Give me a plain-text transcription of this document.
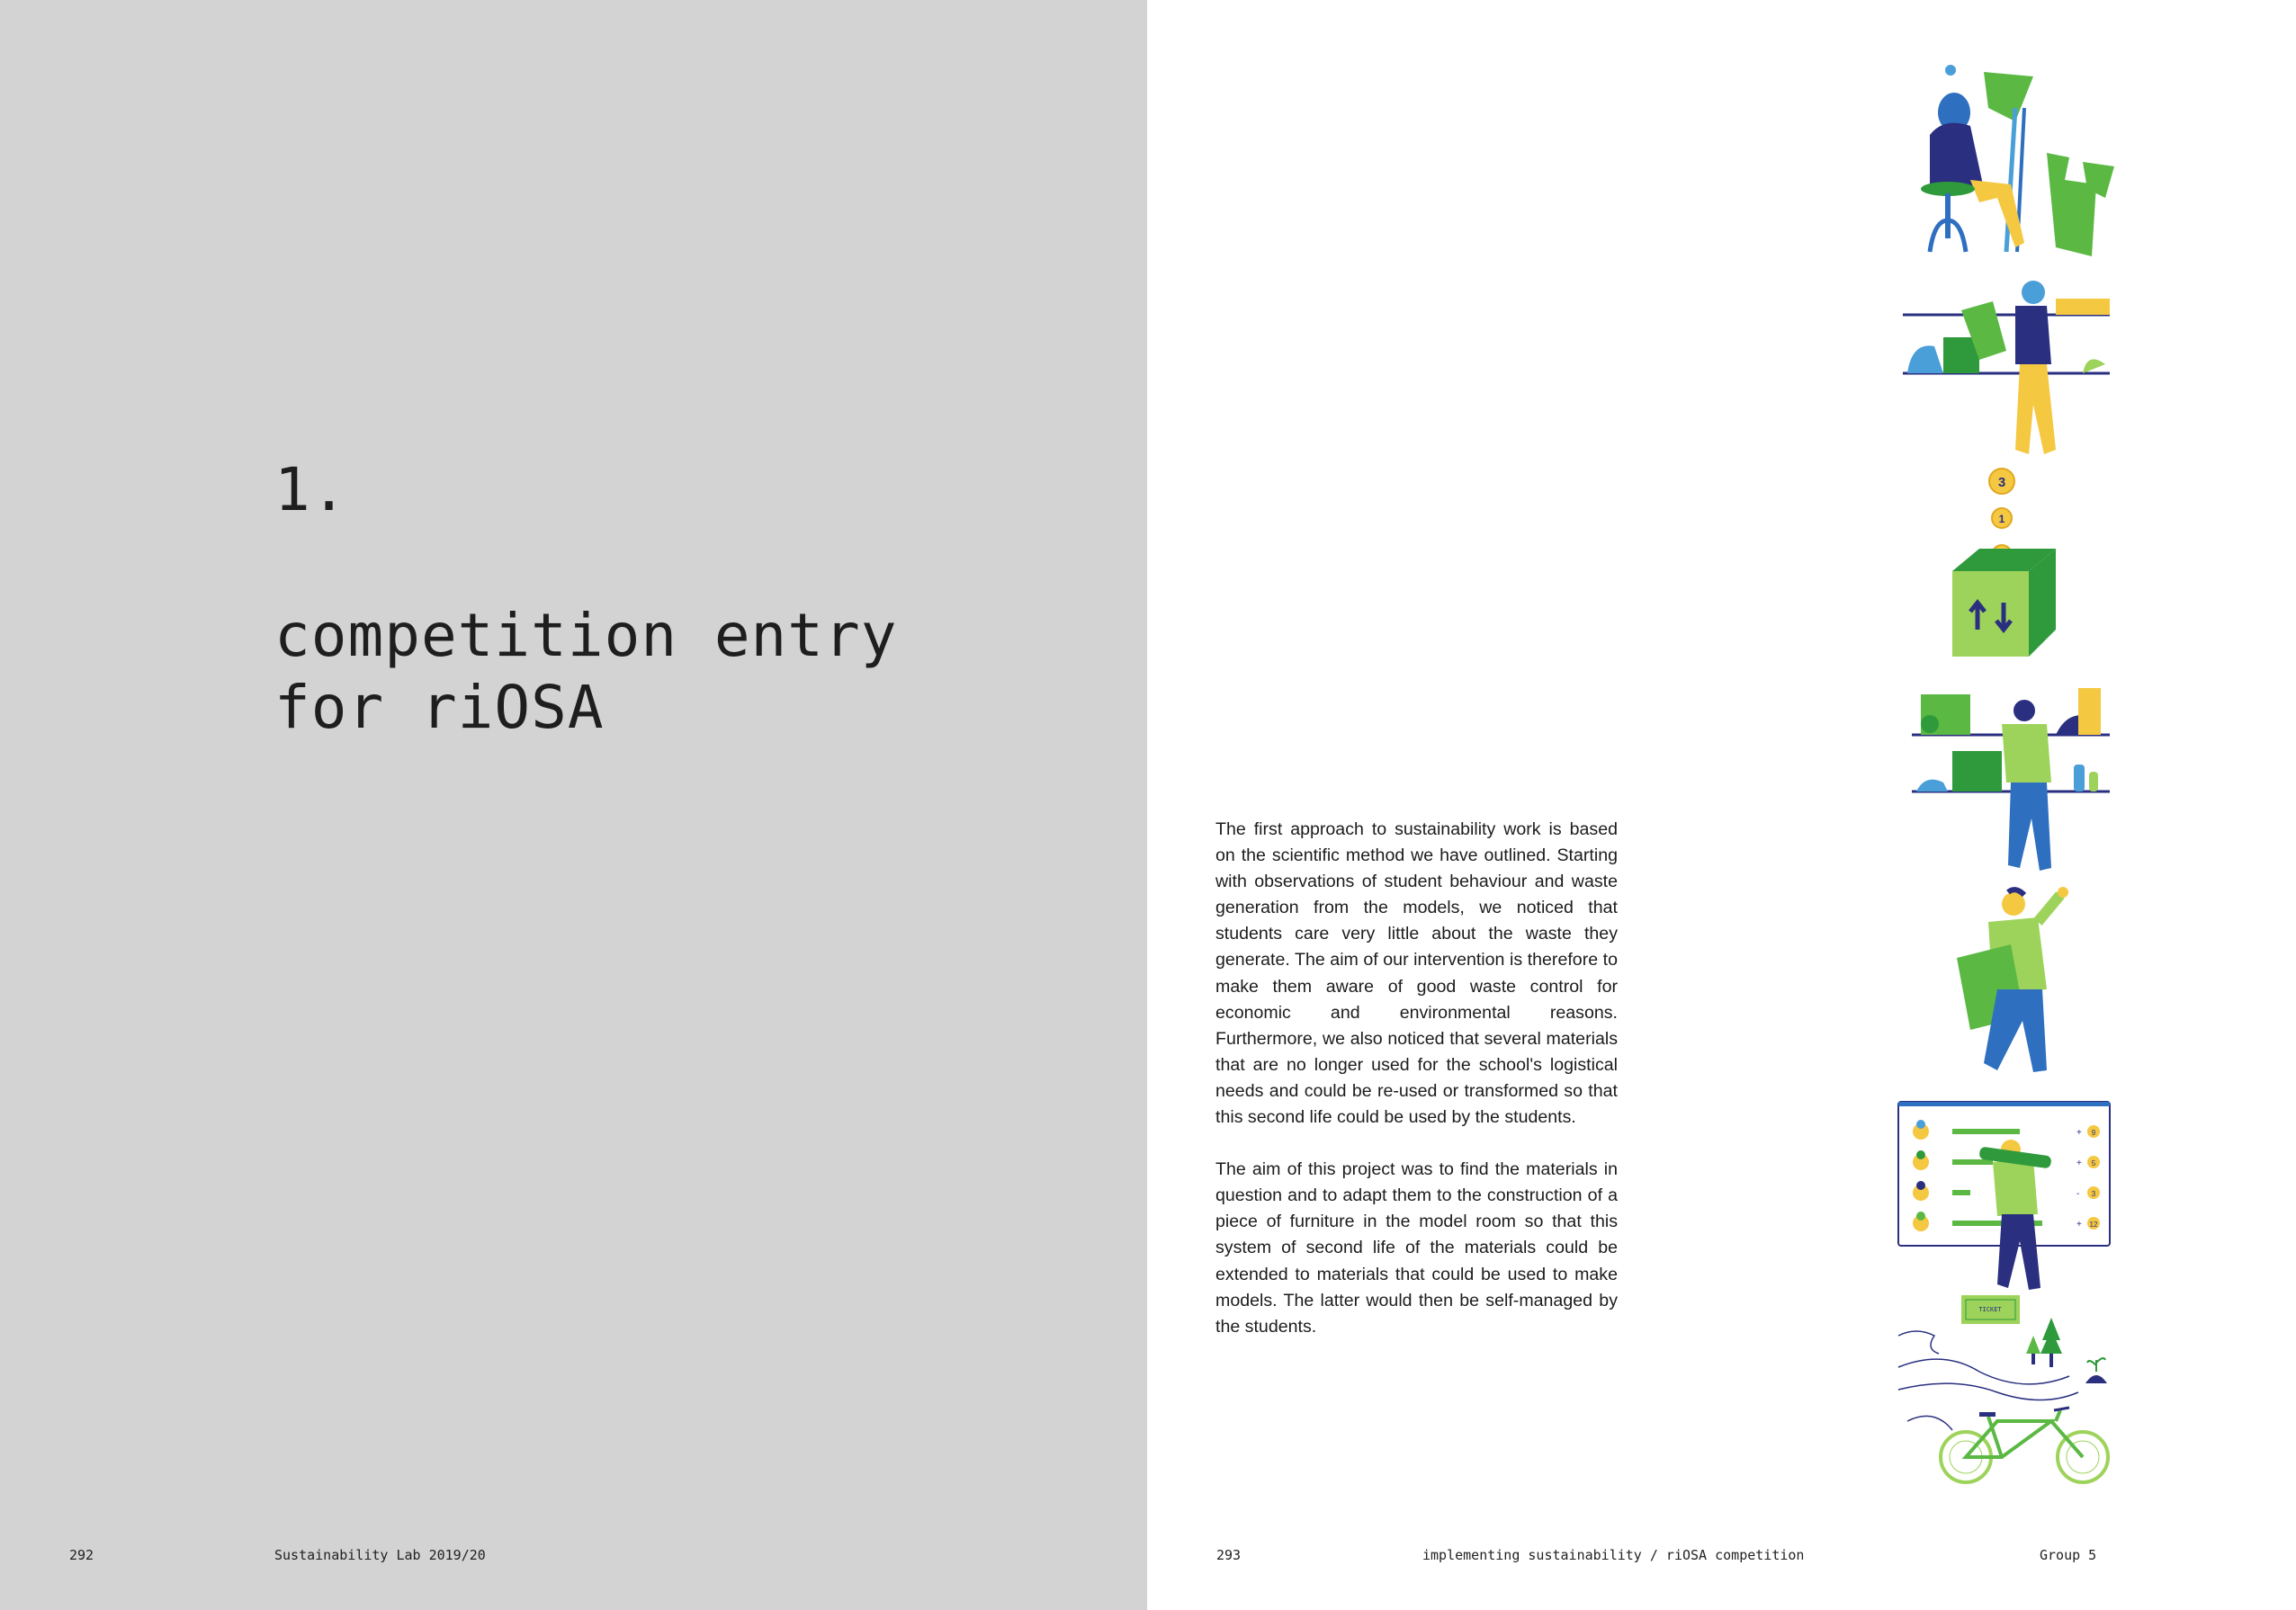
1.
competition entry
for riOSA

292	Sustainability Lab 2019/20	293	implementing sustainability / riOSA competition	Group 5

The first approach to sustainability work is based on the scientific method we have outlined. Starting with observations of student behaviour and waste generation from the models, we noticed that students care very little about the waste they generate. The aim of our intervention is therefore to make them aware of good waste control for economic and environmental reasons. Furthermore, we also noticed that several materials that are no longer used for the school's logistical needs and could be re-used or transformed so that this second life could be used by the students.

The aim of this project was to find the materials in question and to adapt them to the construction of a piece of furniture in the model room so that this system of second life of the materials could be extended to materials that could be used to make models. The latter would then be self-managed by the students.

3
1
+ 9
+ 5
- 3
+ 12
TICKET
